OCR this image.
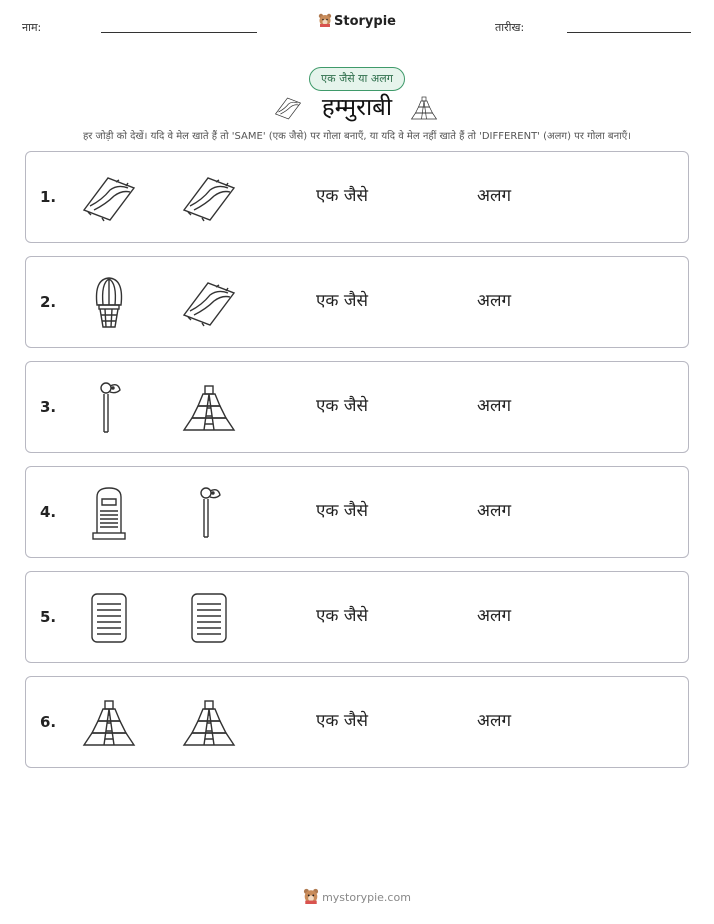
नाम:	Storypie	तारीख:
एक जैसे या अलग
हम्मुराबी
हर जोड़ी को देखें। यदि वे मेल खाते हैं तो 'SAME' (एक जैसे) पर गोला बनाएँ, या यदि वे मेल नहीं खाते हैं तो 'DIFFERENT' (अलग) पर गोला बनाएँ।
1.	एक जैसे	अलग
2.	एक जैसे	अलग
3.	एक जैसे	अलग
4.	एक जैसे	अलग
5.	एक जैसे	अलग
6.	एक जैसे	अलग
mystorypie.com
